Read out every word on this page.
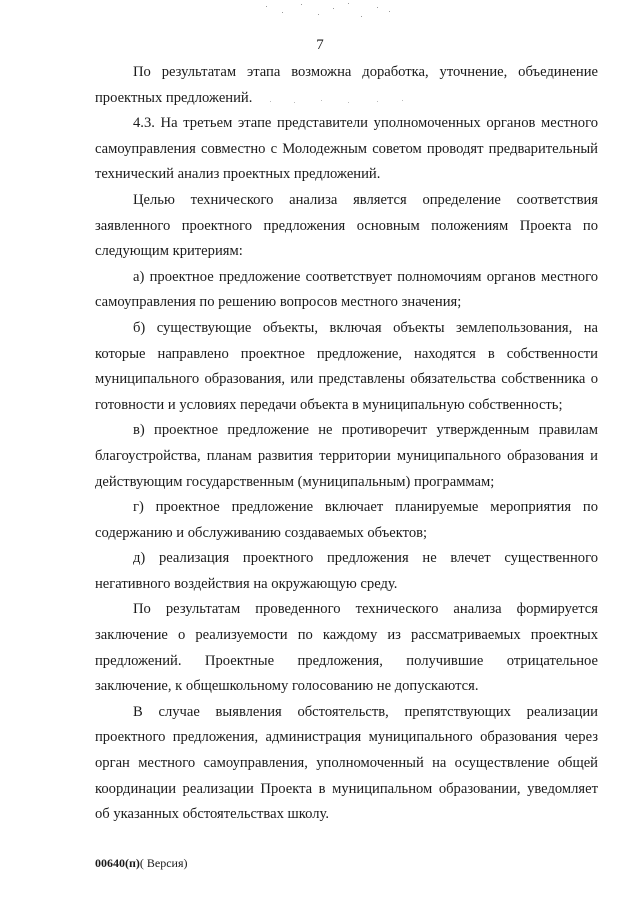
7

По результатам этапа возможна доработка, уточнение, объединение проектных предложений.

4.3. На третьем этапе представители уполномоченных органов местного самоуправления совместно с Молодежным советом проводят предварительный технический анализ проектных предложений.

Целью технического анализа является определение соответствия заявленного проектного предложения основным положениям Проекта по следующим критериям:

а) проектное предложение соответствует полномочиям органов местного самоуправления по решению вопросов местного значения;

б) существующие объекты, включая объекты землепользования, на которые направлено проектное предложение, находятся в собственности муниципального образования, или представлены обязательства собственника о готовности и условиях передачи объекта в муниципальную собственность;

в) проектное предложение не противоречит утвержденным правилам благоустройства, планам развития территории муниципального образования и действующим государственным (муниципальным) программам;

г) проектное предложение включает планируемые мероприятия по содержанию и обслуживанию создаваемых объектов;

д) реализация проектного предложения не влечет существенного негативного воздействия на окружающую среду.

По результатам проведенного технического анализа формируется заключение о реализуемости по каждому из рассматриваемых проектных предложений. Проектные предложения, получившие отрицательное заключение, к общешкольному голосованию не допускаются.

В случае выявления обстоятельств, препятствующих реализации проектного предложения, администрация муниципального образования через орган местного самоуправления, уполномоченный на осуществление общей координации реализации Проекта в муниципальном образовании, уведомляет об указанных обстоятельствах школу.

00640(п)( Версия)
